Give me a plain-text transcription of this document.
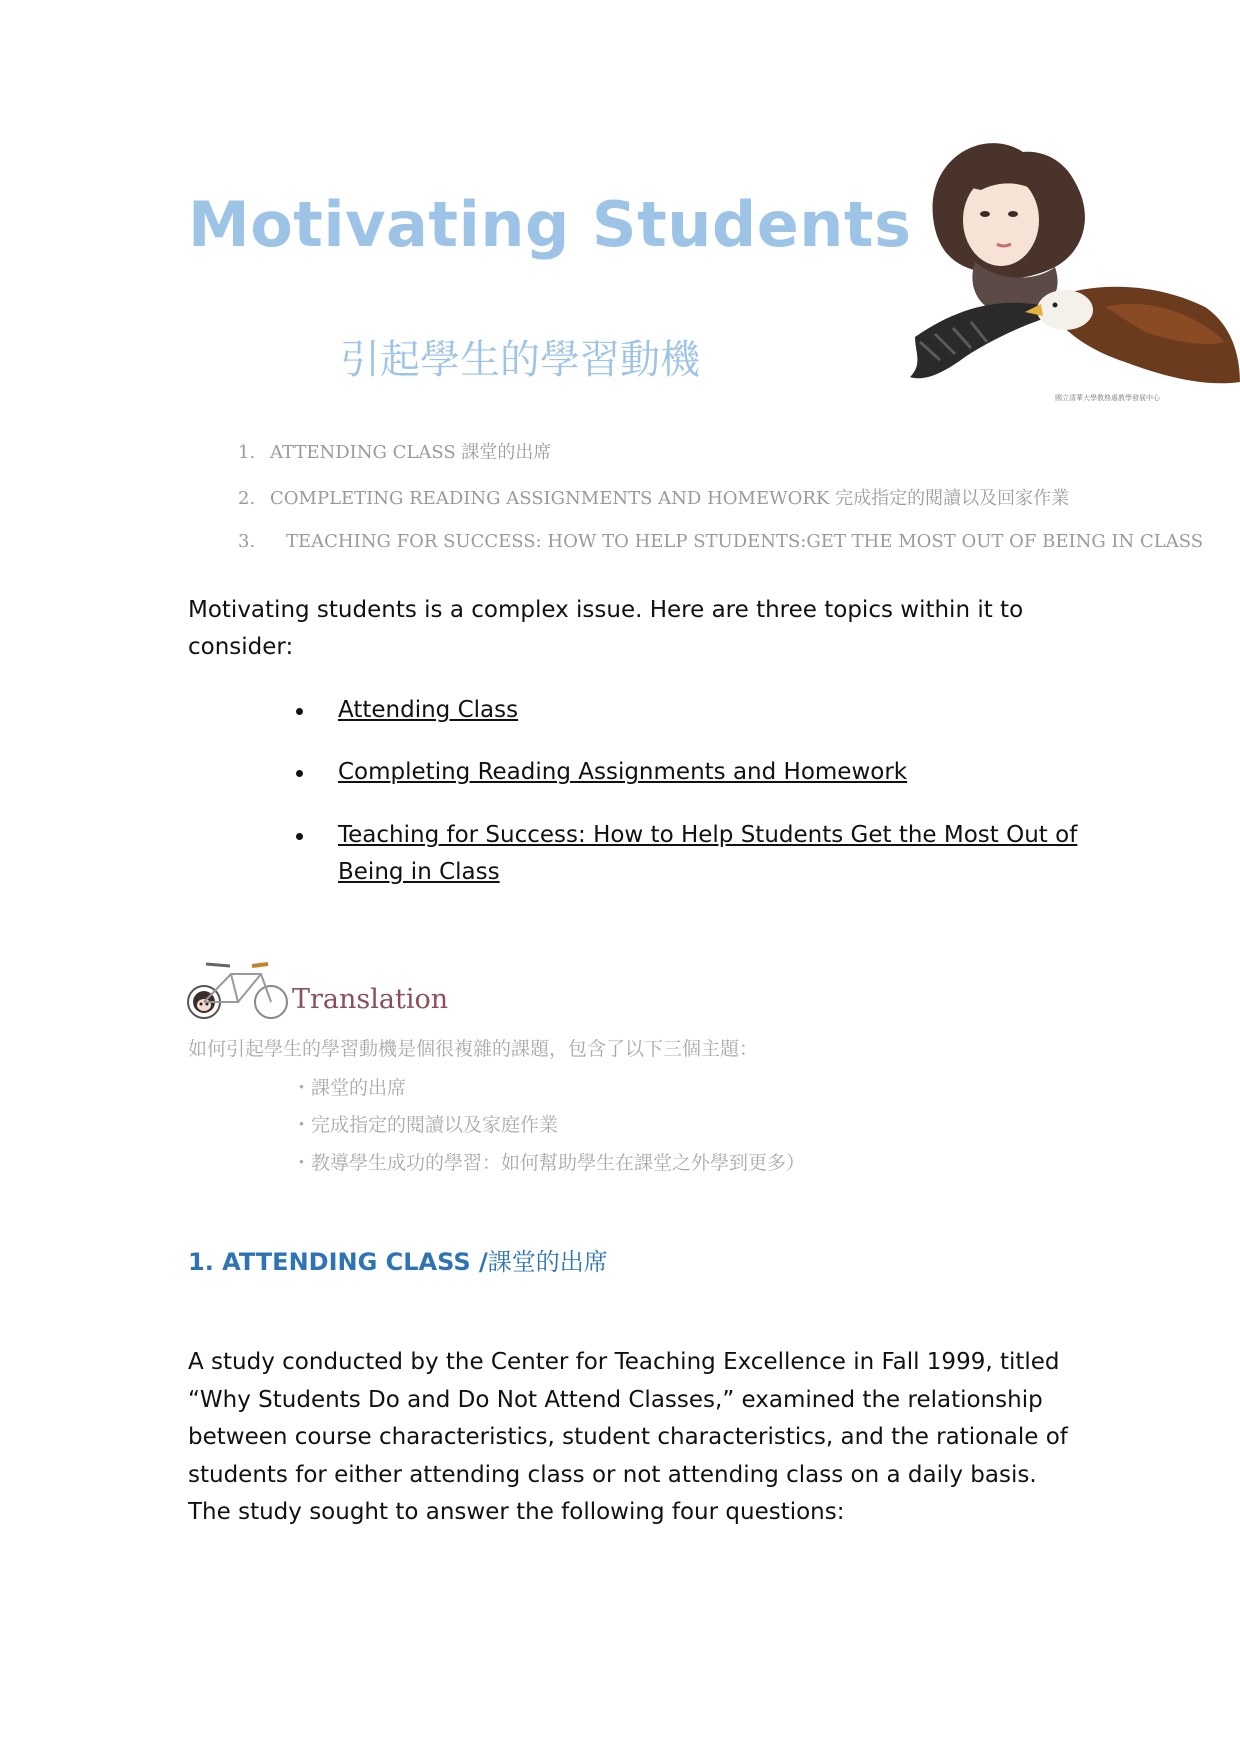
Motivating Students
引起學生的學習動機
國立清華大學教務處教學發展中心
1. ATTENDING CLASS 課堂的出席
2. COMPLETING READING ASSIGNMENTS AND HOMEWORK 完成指定的閱讀以及回家作業
3. TEACHING FOR SUCCESS: HOW TO HELP STUDENTS:GET THE MOST OUT OF BEING IN CLASS
Motivating students is a complex issue. Here are three topics within it to consider:
Attending Class
Completing Reading Assignments and Homework
Teaching for Success: How to Help Students Get the Most Out of Being in Class
Translation
如何引起學生的學習動機是個很複雜的課題，包含了以下三個主題：
・課堂的出席
・完成指定的閱讀以及家庭作業
・教導學生成功的學習：如何幫助學生在課堂之外學到更多）
1. ATTENDING CLASS /課堂的出席
A study conducted by the Center for Teaching Excellence in Fall 1999, titled “Why Students Do and Do Not Attend Classes,” examined the relationship between course characteristics, student characteristics, and the rationale of students for either attending class or not attending class on a daily basis. The study sought to answer the following four questions:
